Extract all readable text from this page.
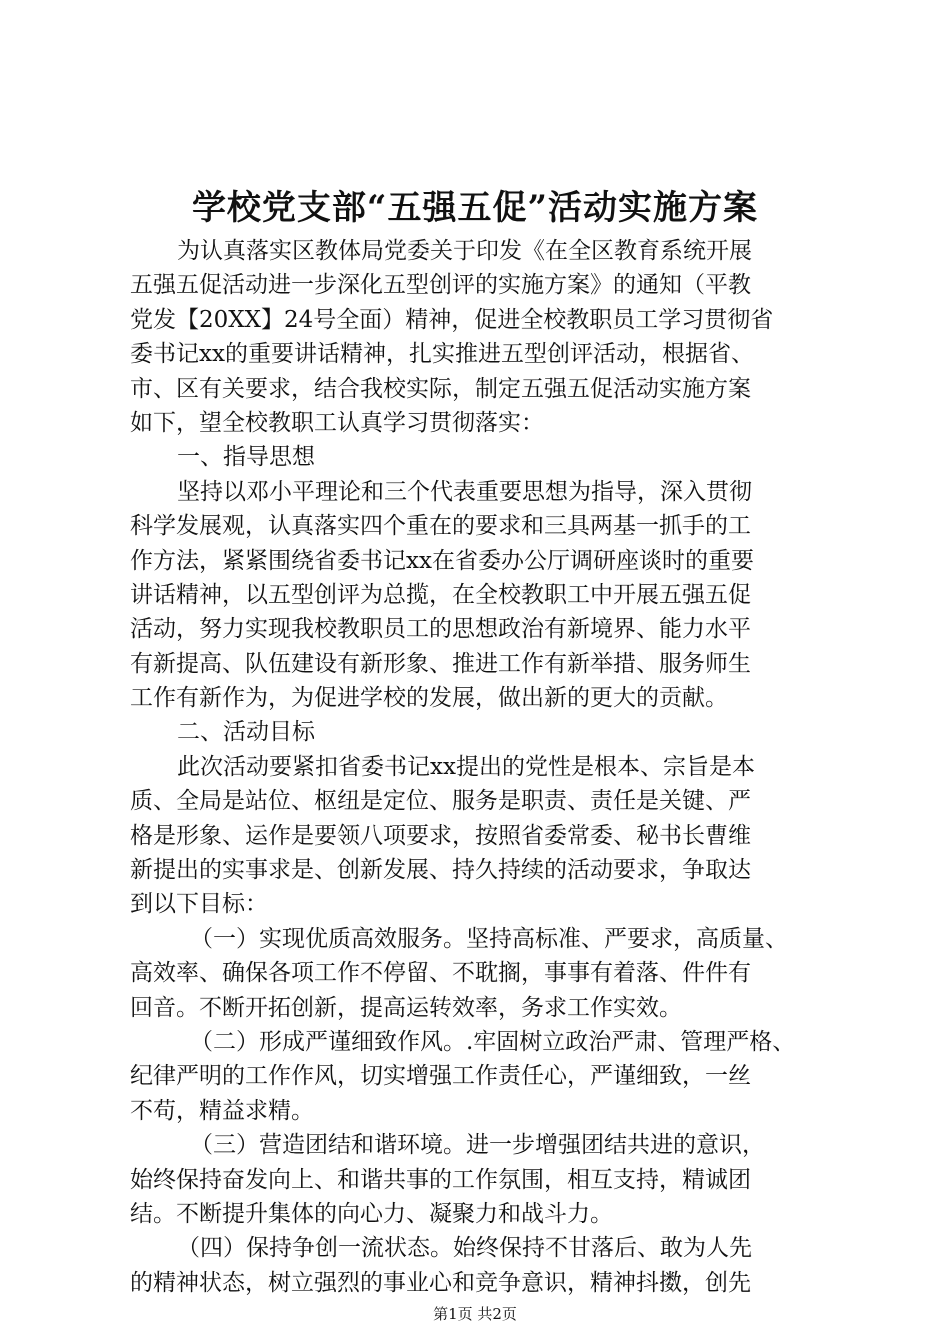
学校党支部“五强五促”活动实施方案
为认真落实区教体局党委关于印发《在全区教育系统开展
五强五促活动进一步深化五型创评的实施方案》的通知（平教
党发【20XX】24号全面）精神，促进全校教职员工学习贯彻省
委书记xx的重要讲话精神，扎实推进五型创评活动，根据省、
市、区有关要求，结合我校实际，制定五强五促活动实施方案
如下，望全校教职工认真学习贯彻落实：
一、指导思想
坚持以邓小平理论和三个代表重要思想为指导，深入贯彻
科学发展观，认真落实四个重在的要求和三具两基一抓手的工
作方法，紧紧围绕省委书记xx在省委办公厅调研座谈时的重要
讲话精神，以五型创评为总揽，在全校教职工中开展五强五促
活动，努力实现我校教职员工的思想政治有新境界、能力水平
有新提高、队伍建设有新形象、推进工作有新举措、服务师生
工作有新作为，为促进学校的发展，做出新的更大的贡献。
二、活动目标
此次活动要紧扣省委书记xx提出的党性是根本、宗旨是本
质、全局是站位、枢纽是定位、服务是职责、责任是关键、严
格是形象、运作是要领八项要求，按照省委常委、秘书长曹维
新提出的实事求是、创新发展、持久持续的活动要求，争取达
到以下目标：
（一）实现优质高效服务。坚持高标准、严要求，高质量、
高效率、确保各项工作不停留、不耽搁，事事有着落、件件有
回音。不断开拓创新，提高运转效率，务求工作实效。
（二）形成严谨细致作风。.牢固树立政治严肃、管理严格、
纪律严明的工作作风，切实增强工作责任心，严谨细致，一丝
不苟，精益求精。
（三）营造团结和谐环境。进一步增强团结共进的意识，
始终保持奋发向上、和谐共事的工作氛围，相互支持，精诚团
结。不断提升集体的向心力、凝聚力和战斗力。
（四）保持争创一流状态。始终保持不甘落后、敢为人先
的精神状态，树立强烈的事业心和竞争意识，精神抖擞，创先
第1页 共2页
